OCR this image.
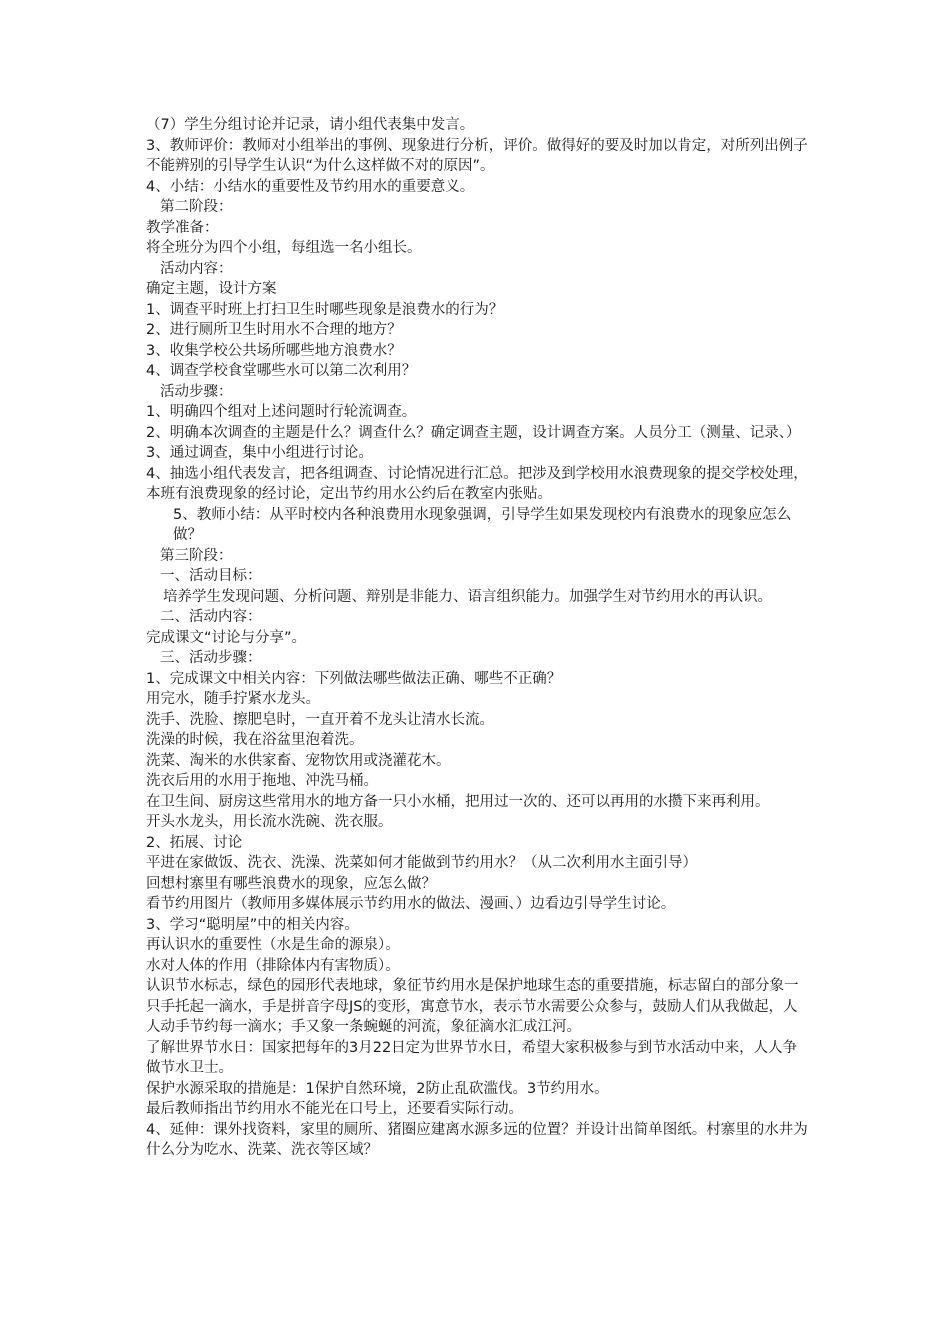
（7）学生分组讨论并记录，请小组代表集中发言。

3、教师评价：教师对小组举出的事例、现象进行分析，评价。做得好的要及时加以肯定，对所列出例子不能辨别的引导学生认识“为什么这样做不对的原因”。

4、小结：小结水的重要性及节约用水的重要意义。

第二阶段：

教学准备：

将全班分为四个小组，每组选一名小组长。

活动内容：

确定主题，设计方案

1、调查平时班上打扫卫生时哪些现象是浪费水的行为？

2、进行厕所卫生时用水不合理的地方？

3、收集学校公共场所哪些地方浪费水？

4、调查学校食堂哪些水可以第二次利用？

活动步骤：

1、明确四个组对上述问题时行轮流调查。

2、明确本次调查的主题是什么？调查什么？确定调查主题，设计调查方案。人员分工（测量、记录、）

3、通过调查，集中小组进行讨论。

4、抽选小组代表发言，把各组调查、讨论情况进行汇总。把涉及到学校用水浪费现象的提交学校处理，本班有浪费现象的经讨论，定出节约用水公约后在教室内张贴。

5、教师小结：从平时校内各种浪费用水现象强调，引导学生如果发现校内有浪费水的现象应怎么做？

第三阶段：

一、活动目标：

培养学生发现问题、分析问题、辩别是非能力、语言组织能力。加强学生对节约用水的再认识。

二、活动内容：

完成课文“讨论与分享”。

三、活动步骤：

1、完成课文中相关内容：下列做法哪些做法正确、哪些不正确？

用完水，随手拧紧水龙头。

洗手、洗脸、擦肥皂时，一直开着不龙头让清水长流。

洗澡的时候，我在浴盆里泡着洗。

洗菜、淘米的水供家畜、宠物饮用或浇灌花木。

洗衣后用的水用于拖地、冲洗马桶。

在卫生间、厨房这些常用水的地方备一只小水桶，把用过一次的、还可以再用的水攒下来再利用。

开头水龙头，用长流水洗碗、洗衣服。

2、拓展、讨论

平进在家做饭、洗衣、洗澡、洗菜如何才能做到节约用水？（从二次利用水主面引导）

回想村寨里有哪些浪费水的现象，应怎么做？

看节约用图片（教师用多媒体展示节约用水的做法、漫画、）边看边引导学生讨论。

3、学习“聪明屋”中的相关内容。

再认识水的重要性（水是生命的源泉）。

水对人体的作用（排除体内有害物质）。

认识节水标志，绿色的园形代表地球，象征节约用水是保护地球生态的重要措施，标志留白的部分象一只手托起一滴水，手是拼音字母JS的变形，寓意节水，表示节水需要公众参与，鼓励人们从我做起，人人动手节约每一滴水；手又象一条蜿蜒的河流，象征滴水汇成江河。

了解世界节水日：国家把每年的3月22日定为世界节水日，希望大家积极参与到节水活动中来，人人争做节水卫士。

保护水源采取的措施是：1保护自然环境，2防止乱砍滥伐。3节约用水。

最后教师指出节约用水不能光在口号上，还要看实际行动。

4、延伸：课外找资料，家里的厕所、猪圈应建离水源多远的位置？并设计出简单图纸。村寨里的水井为什么分为吃水、洗菜、洗衣等区域？
